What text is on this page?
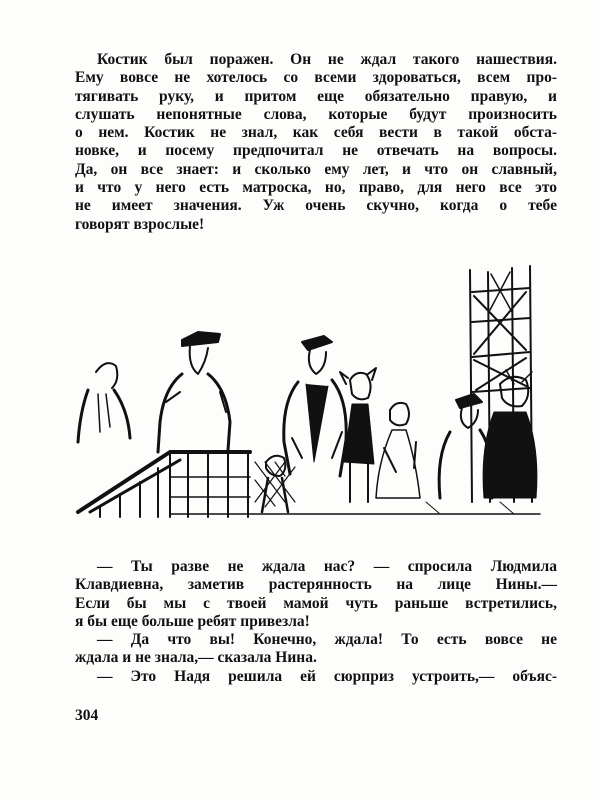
Костик был поражен. Он не ждал такого нашествия.
Ему вовсе не хотелось со всеми здороваться, всем про-
тягивать руку, и притом еще обязательно правую, и
слушать непонятные слова, которые будут произносить
о нем. Костик не знал, как себя вести в такой обста-
новке, и посему предпочитал не отвечать на вопросы.
Да, он все знает: и сколько ему лет, и что он славный,
и что у него есть матроска, но, право, для него все это
не имеет значения. Уж очень скучно, когда о тебе
говорят взрослые!
— Ты разве не ждала нас? — спросила Людмила
Клавдиевна, заметив растерянность на лице Нины.—
Если бы мы с твоей мамой чуть раньше встретились,
я бы еще больше ребят привезла!
— Да что вы! Конечно, ждала! То есть вовсе не
ждала и не знала,— сказала Нина.
— Это Надя решила ей сюрприз устроить,— объяс-
304
